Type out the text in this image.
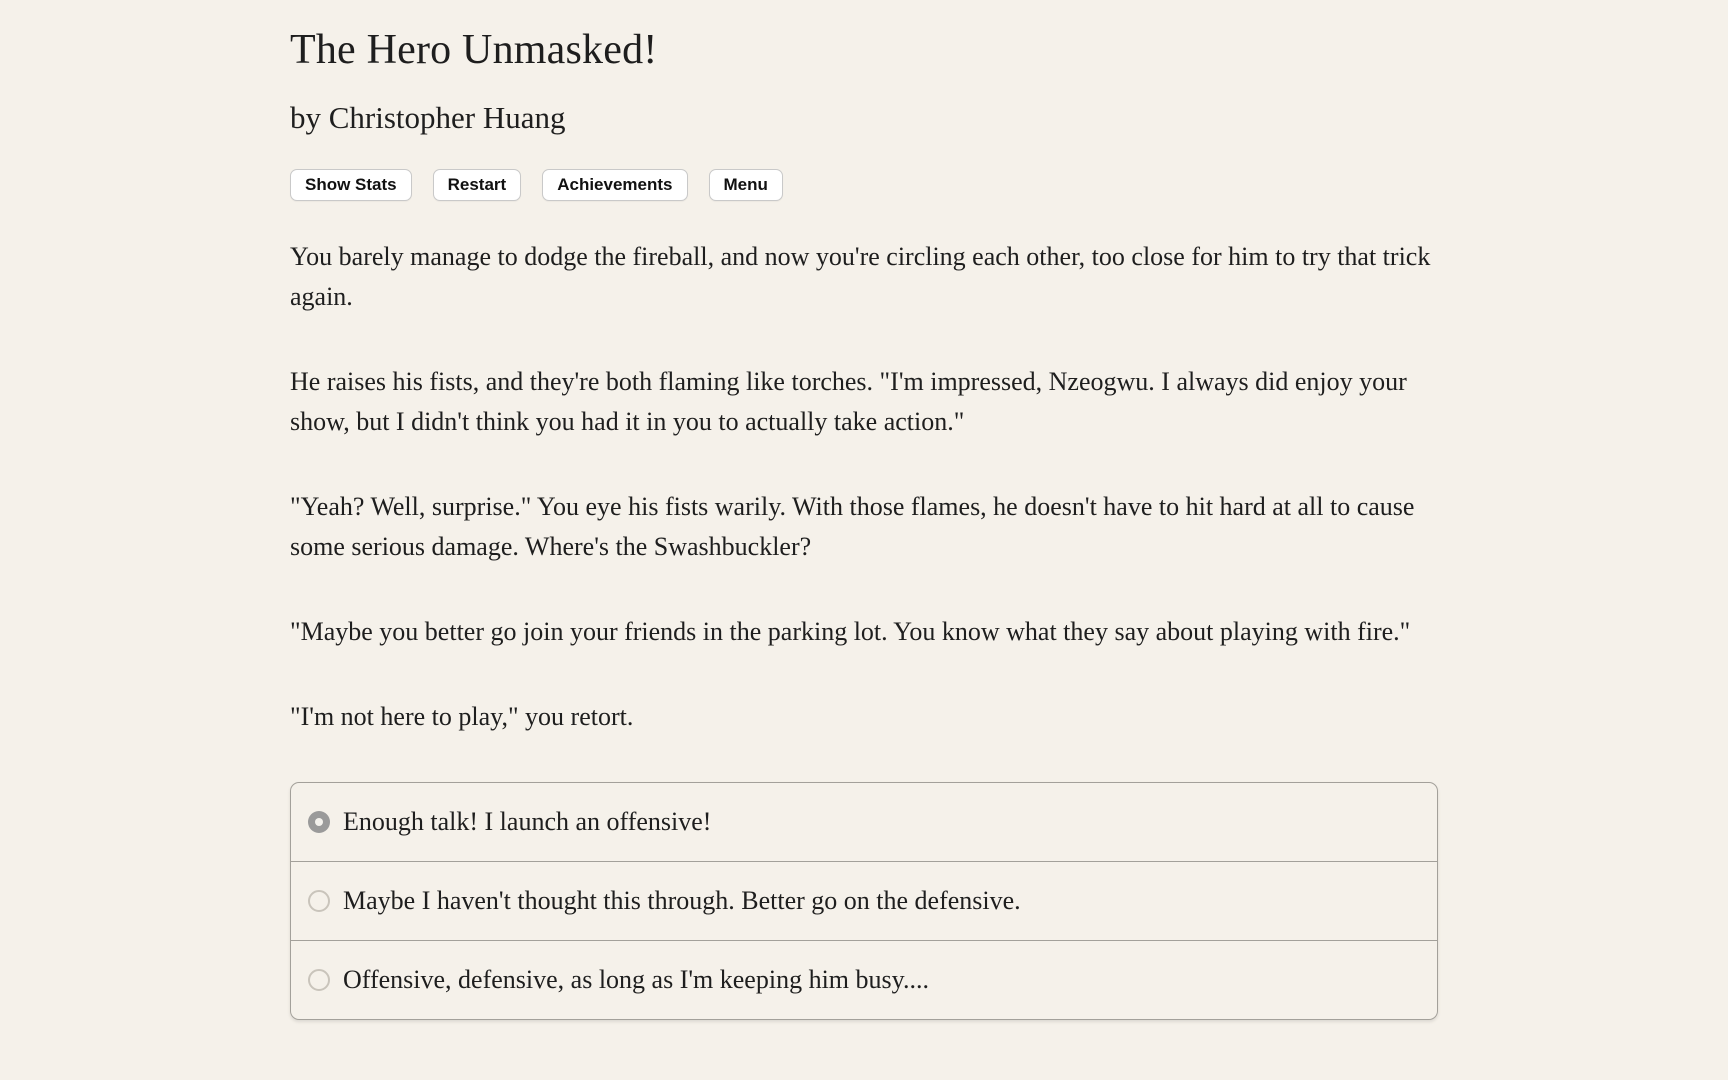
The Hero Unmasked!
by Christopher Huang
Show Stats	Restart	Achievements	Menu

You barely manage to dodge the fireball, and now you're circling each other, too close for him to try that trick again.

He raises his fists, and they're both flaming like torches. "I'm impressed, Nzeogwu. I always did enjoy your show, but I didn't think you had it in you to actually take action."

"Yeah? Well, surprise." You eye his fists warily. With those flames, he doesn't have to hit hard at all to cause some serious damage. Where's the Swashbuckler?

"Maybe you better go join your friends in the parking lot. You know what they say about playing with fire."

"I'm not here to play," you retort.

Enough talk! I launch an offensive!
Maybe I haven't thought this through. Better go on the defensive.
Offensive, defensive, as long as I'm keeping him busy....
